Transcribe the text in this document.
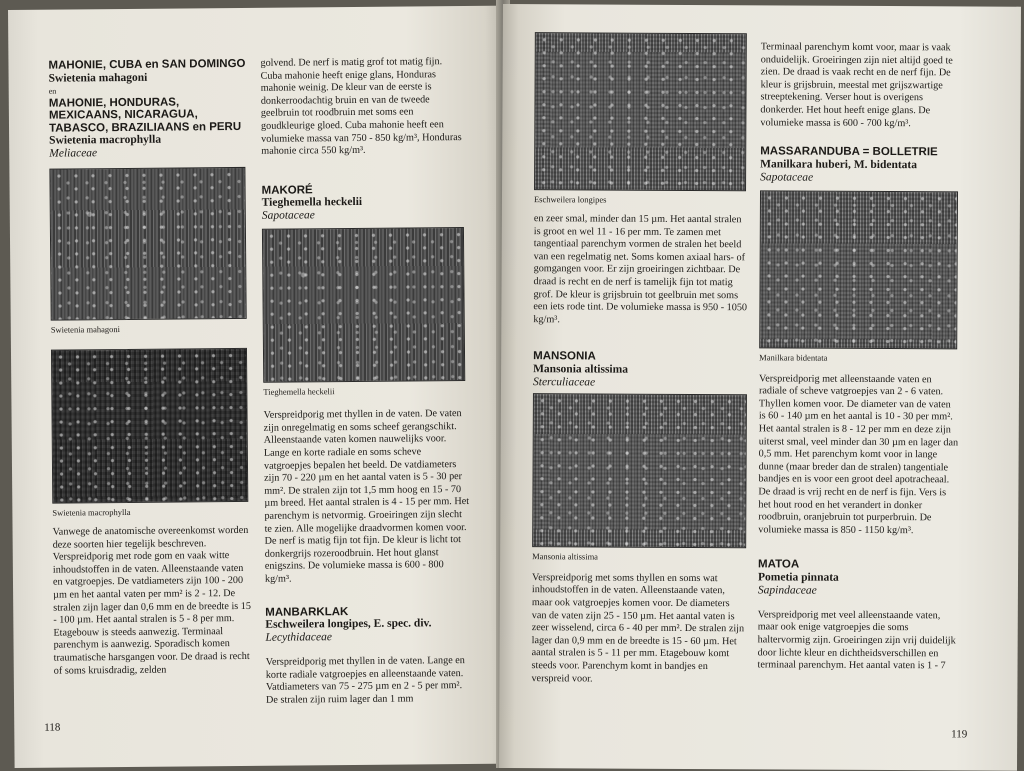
MAHONIE, CUBA en SAN DOMINGO
Swietenia mahagoni
en
MAHONIE, HONDURAS, MEXICAANS, NICARAGUA, TABASCO, BRAZILIAANS en PERU
Swietenia macrophylla
Meliaceae
Swietenia mahagoni
Swietenia macrophylla

Vanwege de anatomische overeenkomst worden deze soorten hier tegelijk beschreven. Verspreidporig met rode gom en vaak witte inhoudstoffen in de vaten. Alleenstaande vaten en vatgroepjes. De vatdiameters zijn 100 - 200 µm en het aantal vaten per mm² is 2 - 12. De stralen zijn lager dan 0,6 mm en de breedte is 15 - 100 µm. Het aantal stralen is 5 - 8 per mm. Etagebouw is steeds aanwezig. Terminaal parenchym is aanwezig. Sporadisch komen traumatische harsgangen voor. De draad is recht of soms kruisdradig, zelden

golvend. De nerf is matig grof tot matig fijn. Cuba mahonie heeft enige glans, Honduras mahonie weinig. De kleur van de eerste is donkerroodachtig bruin en van de tweede geelbruin tot roodbruin met soms een goudkleurige gloed. Cuba mahonie heeft een volumieke massa van 750 - 850 kg/m³, Honduras mahonie circa 550 kg/m³.

MAKORÉ
Tieghemella heckelii
Sapotaceae
Tieghemella heckelii

Verspreidporig met thyllen in de vaten. De vaten zijn onregelmatig en soms scheef gerangschikt. Alleenstaande vaten komen nauwelijks voor. Lange en korte radiale en soms scheve vatgroepjes bepalen het beeld. De vatdiameters zijn 70 - 220 µm en het aantal vaten is 5 - 30 per mm². De stralen zijn tot 1,5 mm hoog en 15 - 70 µm breed. Het aantal stralen is 4 - 15 per mm. Het parenchym is netvormig. Groeiringen zijn slecht te zien. Alle mogelijke draadvormen komen voor. De nerf is matig fijn tot fijn. De kleur is licht tot donkergrijs rozeroodbruin. Het hout glanst enigszins. De volumieke massa is 600 - 800 kg/m³.

MANBARKLAK
Eschweilera longipes, E. spec. div.
Lecythidaceae

Verspreidporig met thyllen in de vaten. Lange en korte radiale vatgroepjes en alleenstaande vaten. Vatdiameters van 75 - 275 µm en 2 - 5 per mm². De stralen zijn ruim lager dan 1 mm

118
Eschweilera longipes

en zeer smal, minder dan 15 µm. Het aantal stralen is groot en wel 11 - 16 per mm. Te zamen met tangentiaal parenchym vormen de stralen het beeld van een regelmatig net. Soms komen axiaal hars- of gomgangen voor. Er zijn groeiringen zichtbaar. De draad is recht en de nerf is tamelijk fijn tot matig grof. De kleur is grijsbruin tot geelbruin met soms een iets rode tint. De volumieke massa is 950 - 1050 kg/m³.

MANSONIA
Mansonia altissima
Sterculiaceae
Mansonia altissima

Verspreidporig met soms thyllen en soms wat inhoudstoffen in de vaten. Alleenstaande vaten, maar ook vatgroepjes komen voor. De diameters van de vaten zijn 25 - 150 µm. Het aantal vaten is zeer wisselend, circa 6 - 40 per mm². De stralen zijn lager dan 0,9 mm en de breedte is 15 - 60 µm. Het aantal stralen is 5 - 11 per mm. Etagebouw komt steeds voor. Parenchym komt in bandjes en verspreid voor.

Terminaal parenchym komt voor, maar is vaak onduidelijk. Groeiringen zijn niet altijd goed te zien. De draad is vaak recht en de nerf fijn. De kleur is grijsbruin, meestal met grijszwartige streeptekening. Verser hout is overigens donkerder. Het hout heeft enige glans. De volumieke massa is 600 - 700 kg/m³.

MASSARANDUBA = BOLLETRIE
Manilkara huberi, M. bidentata
Sapotaceae
Manilkara bidentata

Verspreidporig met alleenstaande vaten en radiale of scheve vatgroepjes van 2 - 6 vaten. Thyllen komen voor. De diameter van de vaten is 60 - 140 µm en het aantal is 10 - 30 per mm². Het aantal stralen is 8 - 12 per mm en deze zijn uiterst smal, veel minder dan 30 µm en lager dan 0,5 mm. Het parenchym komt voor in lange dunne (maar breder dan de stralen) tangentiale bandjes en is voor een groot deel apotracheaal. De draad is vrij recht en de nerf is fijn. Vers is het hout rood en het verandert in donker roodbruin, oranjebruin tot purperbruin. De volumieke massa is 850 - 1150 kg/m³.

MATOA
Pometia pinnata
Sapindaceae

Verspreidporig met veel alleenstaande vaten, maar ook enige vatgroepjes die soms haltervormig zijn. Groeiringen zijn vrij duidelijk door lichte kleur en dichtheidsverschillen en terminaal parenchym. Het aantal vaten is 1 - 7

119
